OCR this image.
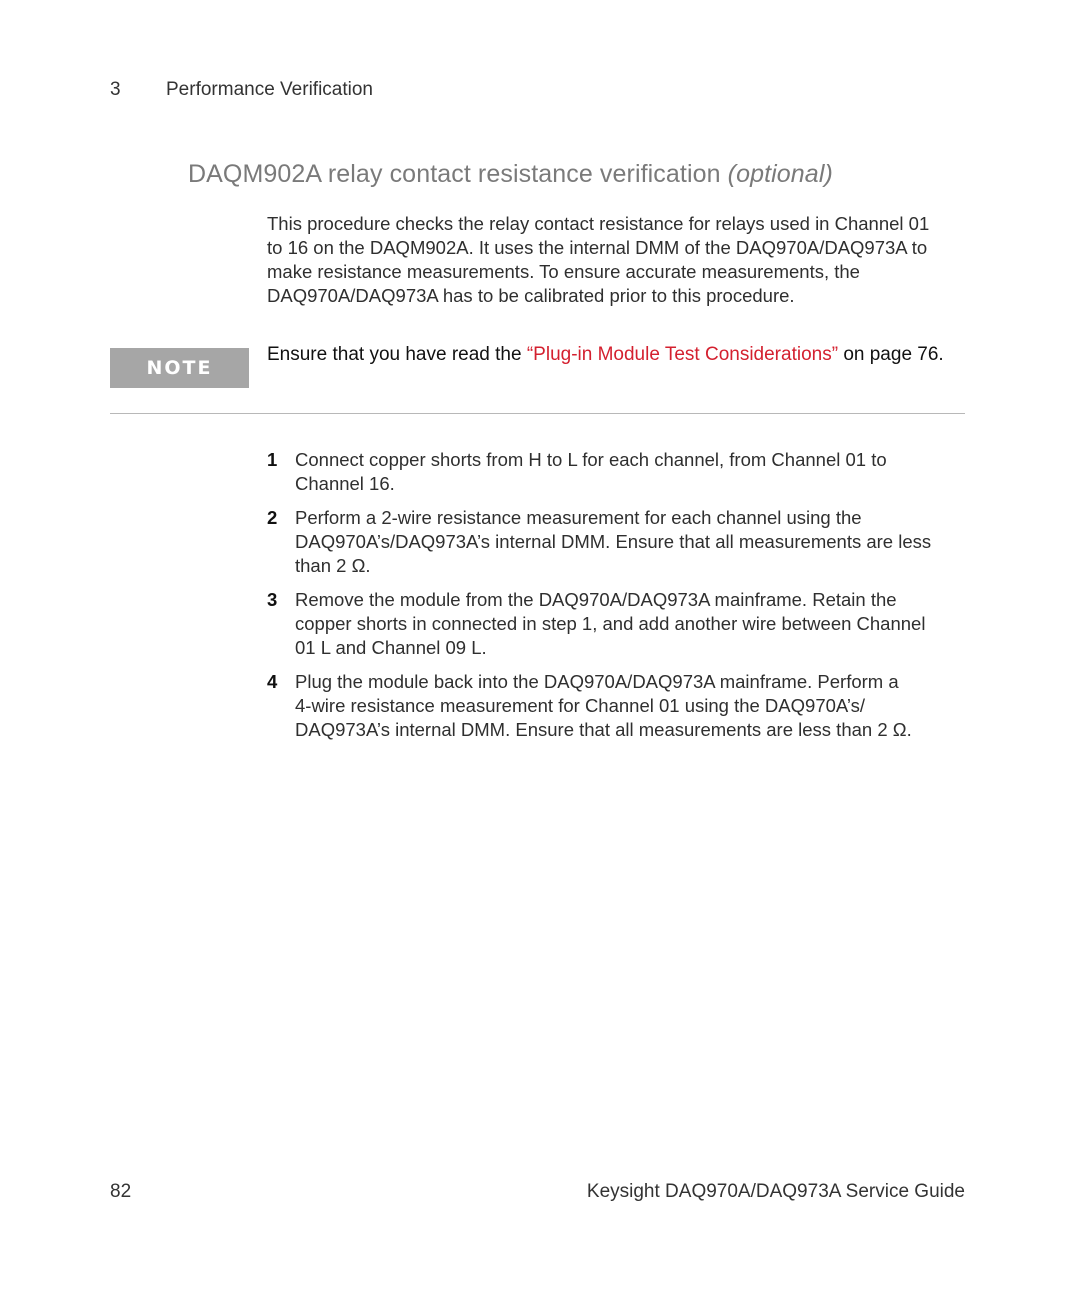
3	Performance Verification
DAQM902A relay contact resistance verification (optional)

This procedure checks the relay contact resistance for relays used in Channel 01
to 16 on the DAQM902A. It uses the internal DMM of the DAQ970A/DAQ973A to
make resistance measurements. To ensure accurate measurements, the
DAQ970A/DAQ973A has to be calibrated prior to this procedure.

NOTE
Ensure that you have read the “Plug-in Module Test Considerations” on page 76.
1 Connect copper shorts from H to L for each channel, from Channel 01 to
Channel 16.
2 Perform a 2-wire resistance measurement for each channel using the
DAQ970A’s/DAQ973A’s internal DMM. Ensure that all measurements are less
than 2 Ω.
3 Remove the module from the DAQ970A/DAQ973A mainframe. Retain the
copper shorts in connected in step 1, and add another wire between Channel
01 L and Channel 09 L.
4 Plug the module back into the DAQ970A/DAQ973A mainframe. Perform a
4-wire resistance measurement for Channel 01 using the DAQ970A’s/
DAQ973A’s internal DMM. Ensure that all measurements are less than 2 Ω.
82	Keysight DAQ970A/DAQ973A Service Guide
